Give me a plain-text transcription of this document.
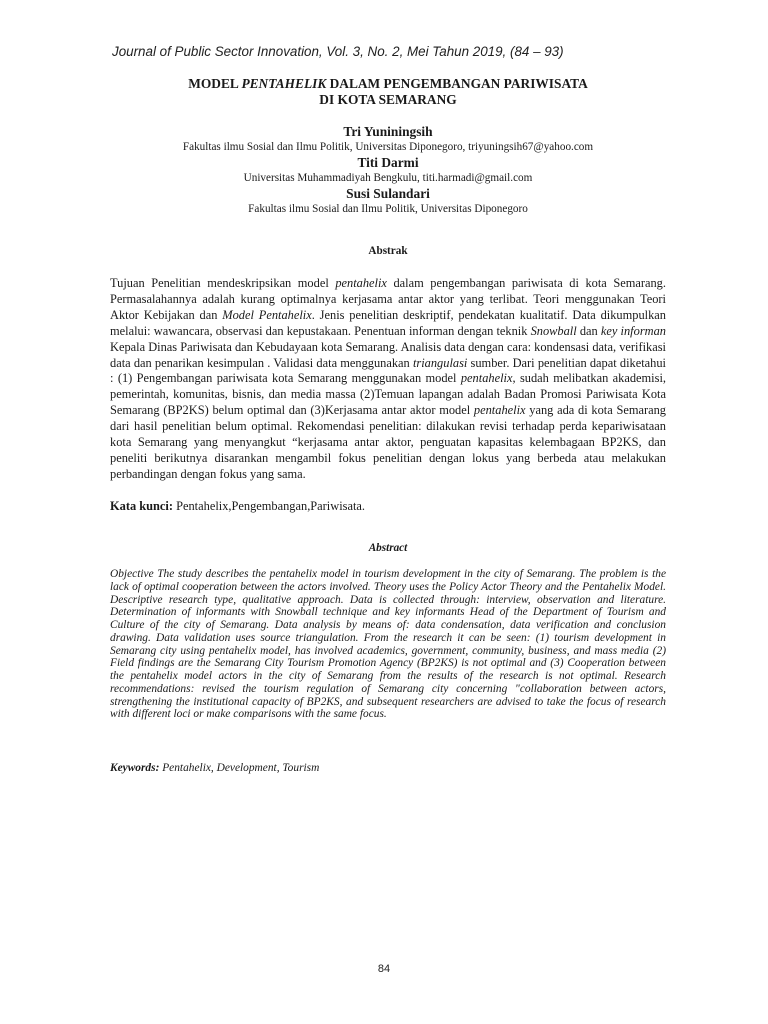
Journal of Public Sector Innovation, Vol. 3, No. 2, Mei Tahun 2019, (84 – 93)
MODEL PENTAHELIK DALAM PENGEMBANGAN PARIWISATA
DI KOTA SEMARANG
Tri Yuniningsih
Fakultas ilmu Sosial dan Ilmu Politik, Universitas Diponegoro, triyuningsih67@yahoo.com
Titi Darmi
Universitas Muhammadiyah Bengkulu, titi.harmadi@gmail.com
Susi Sulandari
Fakultas ilmu Sosial dan Ilmu Politik, Universitas Diponegoro
Abstrak

Tujuan Penelitian mendeskripsikan model pentahelix dalam pengembangan pariwisata di kota Semarang. Permasalahannya adalah kurang optimalnya kerjasama antar aktor yang terlibat. Teori menggunakan Teori Aktor Kebijakan dan Model Pentahelix. Jenis penelitian deskriptif, pendekatan kualitatif. Data dikumpulkan melalui: wawancara, observasi dan kepustakaan. Penentuan informan dengan teknik Snowball dan key informan Kepala Dinas Pariwisata dan Kebudayaan kota Semarang. Analisis data dengan cara: kondensasi data, verifikasi data dan penarikan kesimpulan . Validasi data menggunakan triangulasi sumber. Dari penelitian dapat diketahui : (1) Pengembangan pariwisata kota Semarang menggunakan model pentahelix, sudah melibatkan akademisi, pemerintah, komunitas, bisnis, dan media massa (2)Temuan lapangan adalah Badan Promosi Pariwisata Kota Semarang (BP2KS) belum optimal dan (3)Kerjasama antar aktor model pentahelix yang ada di kota Semarang dari hasil penelitian belum optimal. Rekomendasi penelitian: dilakukan revisi terhadap perda kepariwisataan kota Semarang yang menyangkut “kerjasama antar aktor, penguatan kapasitas kelembagaan BP2KS, dan peneliti berikutnya disarankan mengambil fokus penelitian dengan lokus yang berbeda atau melakukan perbandingan dengan fokus yang sama.

Kata kunci: Pentahelix,Pengembangan,Pariwisata.
Abstract

Objective The study describes the pentahelix model in tourism development in the city of Semarang. The problem is the lack of optimal cooperation between the actors involved. Theory uses the Policy Actor Theory and the Pentahelix Model. Descriptive research type, qualitative approach. Data is collected through: interview, observation and literature. Determination of informants with Snowball technique and key informants Head of the Department of Tourism and Culture of the city of Semarang. Data analysis by means of: data condensation, data verification and conclusion drawing. Data validation uses source triangulation. From the research it can be seen: (1) tourism development in Semarang city using pentahelix model, has involved academics, government, community, business, and mass media (2) Field findings are the Semarang City Tourism Promotion Agency (BP2KS) is not optimal and (3) Cooperation between the pentahelix model actors in the city of Semarang from the results of the research is not optimal. Research recommendations: revised the tourism regulation of Semarang city concerning "collaboration between actors, strengthening the institutional capacity of BP2KS, and subsequent researchers are advised to take the focus of research with different loci or make comparisons with the same focus.

Keywords: Pentahelix, Development, Tourism
84
